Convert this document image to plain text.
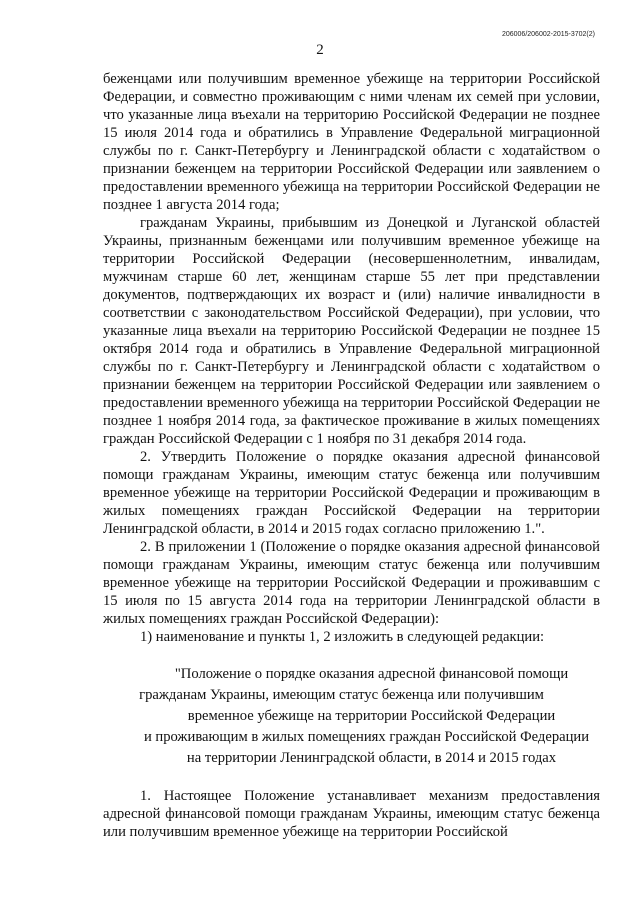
206006/206002-2015-3702(2)
2

беженцами или получившим временное убежище на территории Российской Федерации, и совместно проживающим с ними членам их семей при условии, что указанные лица въехали на территорию Российской Федерации не позднее 15 июля 2014 года и обратились в Управление Федеральной миграционной службы по г. Санкт-Петербургу и Ленинградской области с ходатайством о признании беженцем на территории Российской Федерации или заявлением о предоставлении временного убежища на территории Российской Федерации не позднее 1 августа 2014 года;

гражданам Украины, прибывшим из Донецкой и Луганской областей Украины, признанным беженцами или получившим временное убежище на территории Российской Федерации (несовершеннолетним, инвалидам, мужчинам старше 60 лет, женщинам старше 55 лет при представлении документов, подтверждающих их возраст и (или) наличие инвалидности в соответствии с законодательством Российской Федерации), при условии, что указанные лица въехали на территорию Российской Федерации не позднее 15 октября 2014 года и обратились в Управление Федеральной миграционной службы по г. Санкт-Петербургу и Ленинградской области с ходатайством о признании беженцем на территории Российской Федерации или заявлением о предоставлении временного убежища на территории Российской Федерации не позднее 1 ноября 2014 года, за фактическое проживание в жилых помещениях граждан Российской Федерации с 1 ноября по 31 декабря 2014 года.

2. Утвердить Положение о порядке оказания адресной финансовой помощи гражданам Украины, имеющим статус беженца или получившим временное убежище на территории Российской Федерации и проживающим в жилых помещениях граждан Российской Федерации на территории Ленинградской области, в 2014 и 2015 годах согласно приложению 1.".

2. В приложении 1 (Положение о порядке оказания адресной финансовой помощи гражданам Украины, имеющим статус беженца или получившим временное убежище на территории Российской Федерации и проживавшим с 15 июля по 15 августа 2014 года на территории Ленинградской области в жилых помещениях граждан Российской Федерации):

1) наименование и пункты 1, 2 изложить в следующей редакции:

"Положение о порядке оказания адресной финансовой помощи
гражданам Украины, имеющим статус беженца или получившим
временное убежище на территории Российской Федерации
и проживающим в жилых помещениях граждан Российской Федерации
на территории Ленинградской области, в 2014 и 2015 годах

1. Настоящее Положение устанавливает механизм предоставления адресной финансовой помощи гражданам Украины, имеющим статус беженца или получившим временное убежище на территории Российской
